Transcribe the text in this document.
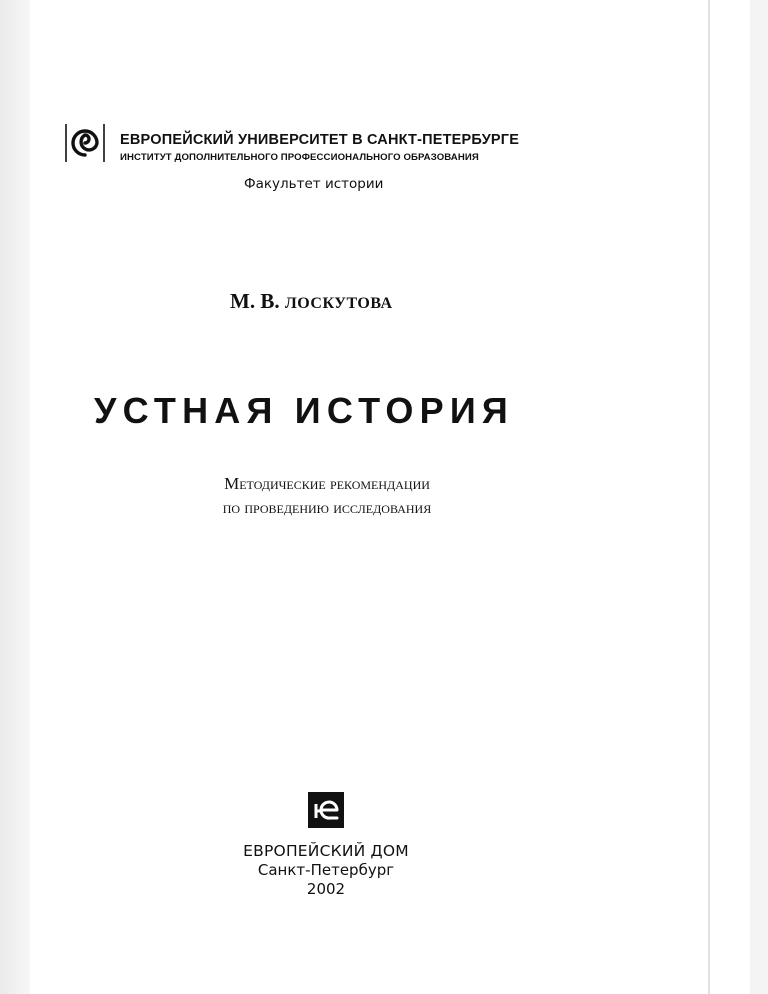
ЕВРОПЕЙСКИЙ УНИВЕРСИТЕТ В САНКТ-ПЕТЕРБУРГЕ
ИНСТИТУТ ДОПОЛНИТЕЛЬНОГО ПРОФЕССИОНАЛЬНОГО ОБРАЗОВАНИЯ
Факультет истории
М. В. ЛОСКУТОВА
УСТНАЯ ИСТОРИЯ
Методические рекомендации
по проведению исследования
ЕВРОПЕЙСКИЙ ДОМ
Санкт-Петербург
2002
